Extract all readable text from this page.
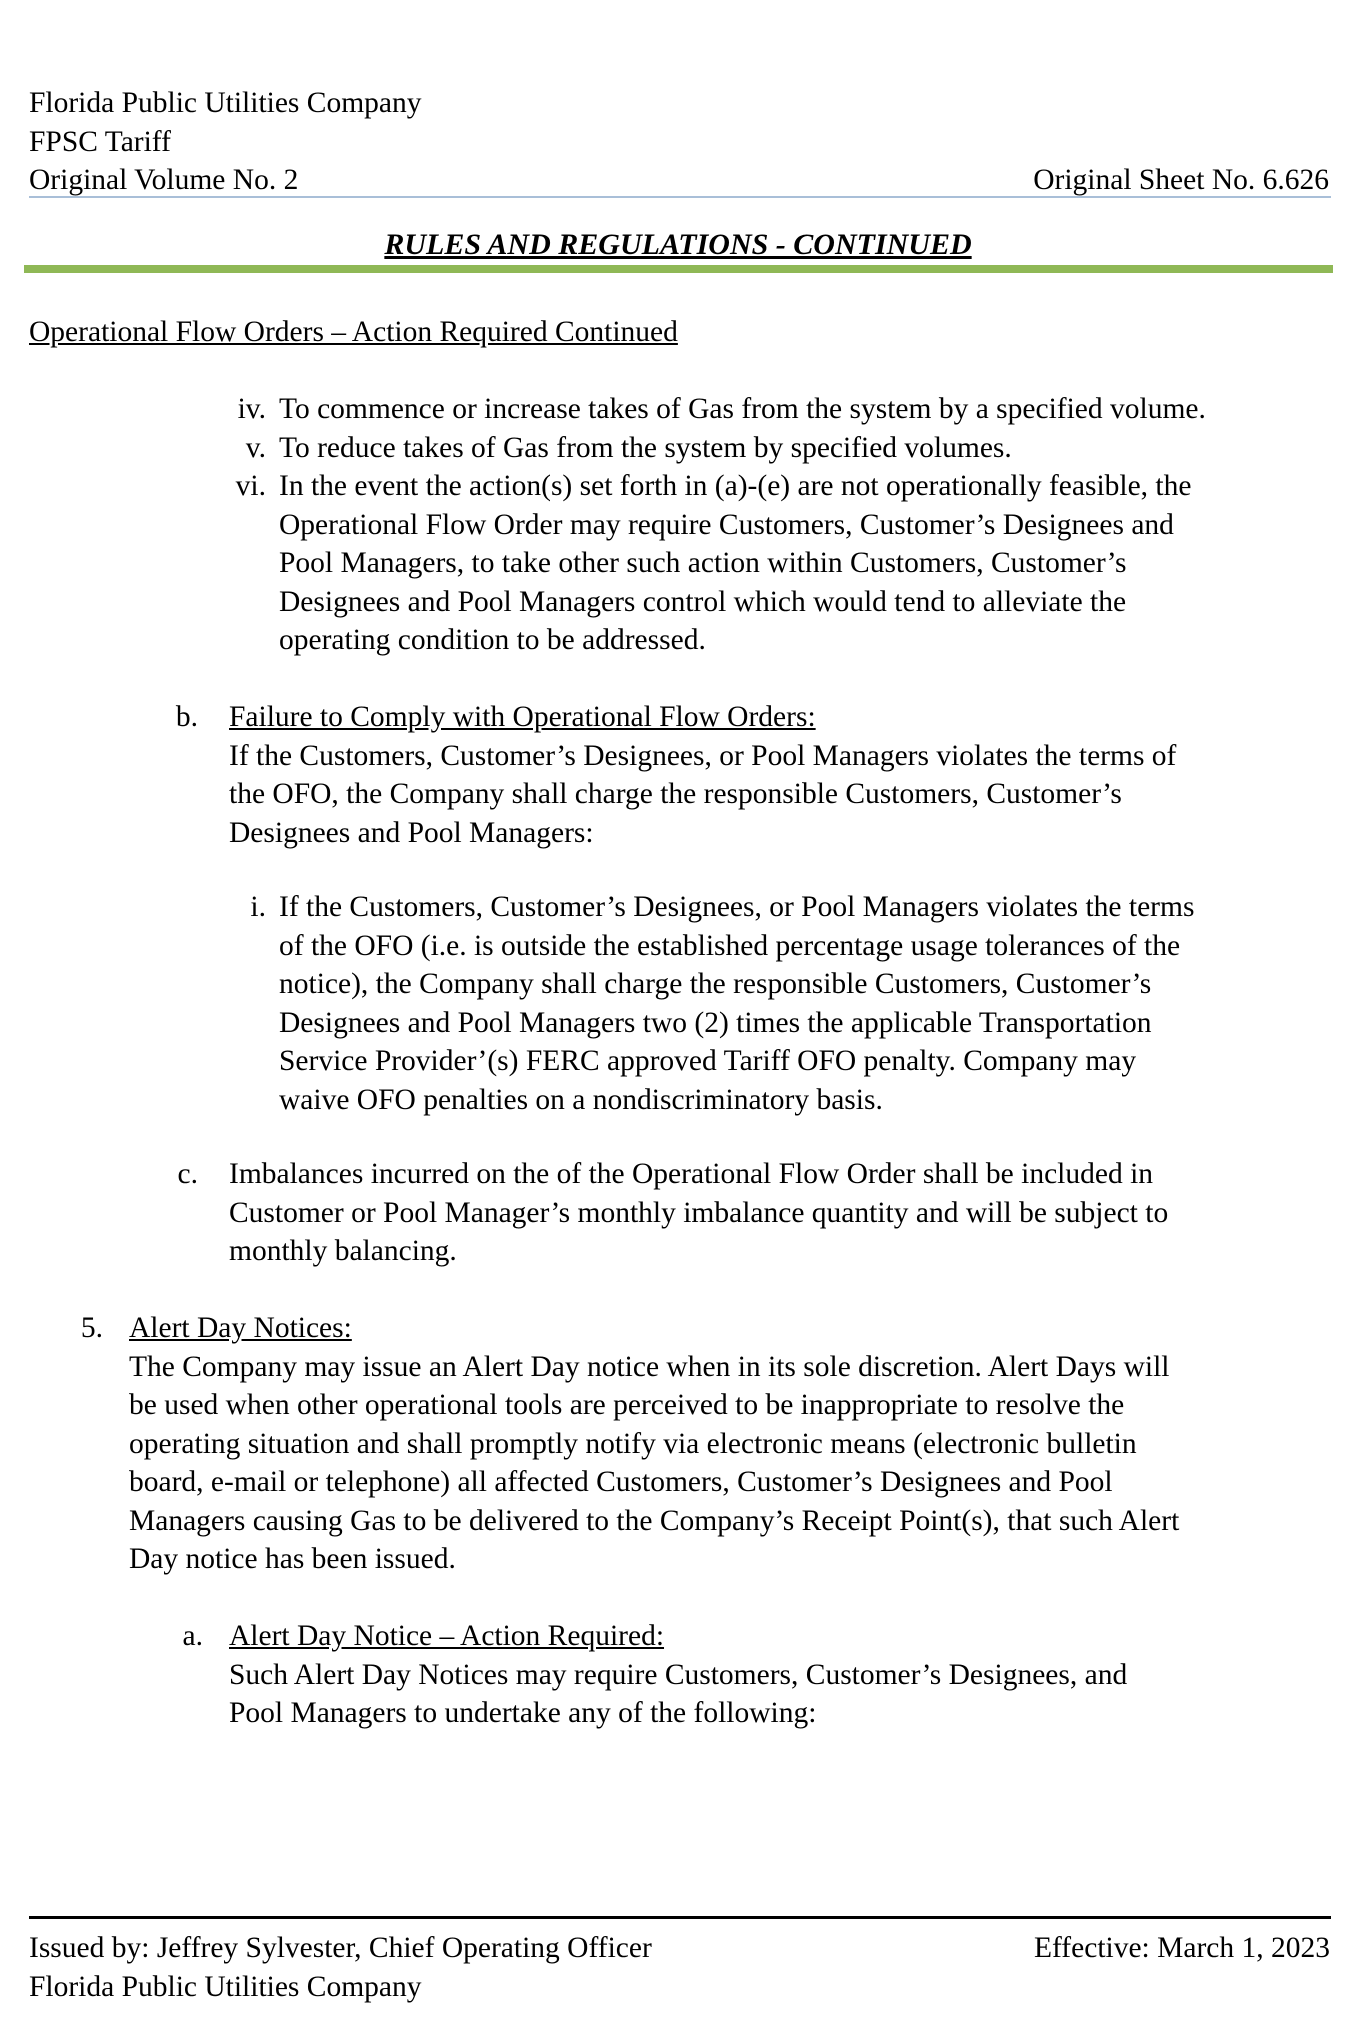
Florida Public Utilities Company
FPSC Tariff
Original Volume No. 2	Original Sheet No. 6.626
RULES AND REGULATIONS - CONTINUED
Operational Flow Orders – Action Required Continued
iv. To commence or increase takes of Gas from the system by a specified volume.
v. To reduce takes of Gas from the system by specified volumes.
vi. In the event the action(s) set forth in (a)-(e) are not operationally feasible, the
Operational Flow Order may require Customers, Customer’s Designees and
Pool Managers, to take other such action within Customers, Customer’s
Designees and Pool Managers control which would tend to alleviate the
operating condition to be addressed.
b. Failure to Comply with Operational Flow Orders:
If the Customers, Customer’s Designees, or Pool Managers violates the terms of
the OFO, the Company shall charge the responsible Customers, Customer’s
Designees and Pool Managers:
i. If the Customers, Customer’s Designees, or Pool Managers violates the terms
of the OFO (i.e. is outside the established percentage usage tolerances of the
notice), the Company shall charge the responsible Customers, Customer’s
Designees and Pool Managers two (2) times the applicable Transportation
Service Provider’(s) FERC approved Tariff OFO penalty. Company may
waive OFO penalties on a nondiscriminatory basis.
c. Imbalances incurred on the of the Operational Flow Order shall be included in
Customer or Pool Manager’s monthly imbalance quantity and will be subject to
monthly balancing.
5. Alert Day Notices:
The Company may issue an Alert Day notice when in its sole discretion. Alert Days will
be used when other operational tools are perceived to be inappropriate to resolve the
operating situation and shall promptly notify via electronic means (electronic bulletin
board, e-mail or telephone) all affected Customers, Customer’s Designees and Pool
Managers causing Gas to be delivered to the Company’s Receipt Point(s), that such Alert
Day notice has been issued.
a. Alert Day Notice – Action Required:
Such Alert Day Notices may require Customers, Customer’s Designees, and
Pool Managers to undertake any of the following:
Issued by: Jeffrey Sylvester, Chief Operating Officer
Florida Public Utilities Company
Effective: March 1, 2023
